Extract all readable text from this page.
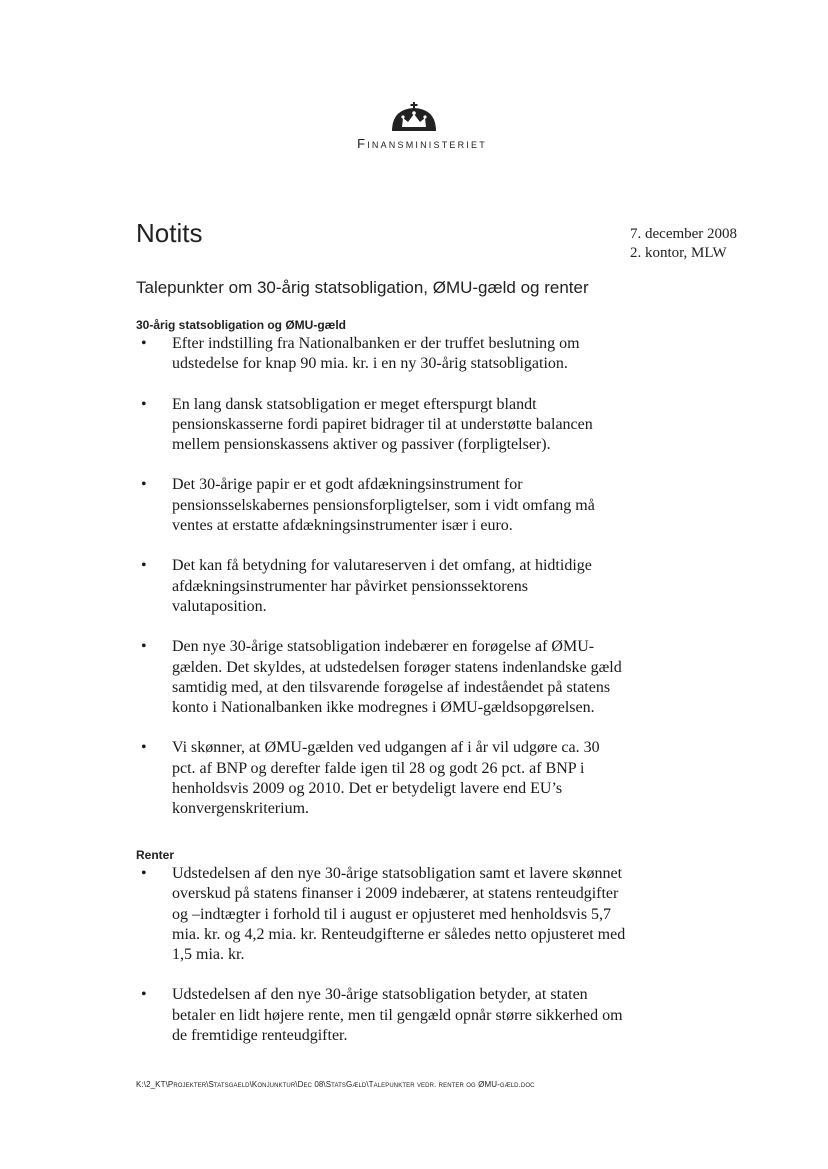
Finansministeriet
Notits	7. december 2008
2. kontor, MLW
Talepunkter om 30-årig statsobligation, ØMU-gæld og renter
30-årig statsobligation og ØMU-gæld
• Efter indstilling fra Nationalbanken er der truffet beslutning om udstedelse for knap 90 mia. kr. i en ny 30-årig statsobligation.
• En lang dansk statsobligation er meget efterspurgt blandt pensionskasserne fordi papiret bidrager til at understøtte balancen mellem pensionskassens aktiver og passiver (forpligtelser).
• Det 30-årige papir er et godt afdækningsinstrument for pensionsselskabernes pensionsforpligtelser, som i vidt omfang må ventes at erstatte afdækningsinstrumenter især i euro.
• Det kan få betydning for valutareserven i det omfang, at hidtidige afdækningsinstrumenter har påvirket pensionssektorens valutaposition.
• Den nye 30-årige statsobligation indebærer en forøgelse af ØMU-gælden. Det skyldes, at udstedelsen forøger statens indenlandske gæld samtidig med, at den tilsvarende forøgelse af indeståendet på statens konto i Nationalbanken ikke modregnes i ØMU-gældsopgørelsen.
• Vi skønner, at ØMU-gælden ved udgangen af i år vil udgøre ca. 30 pct. af BNP og derefter falde igen til 28 og godt 26 pct. af BNP i henholdsvis 2009 og 2010. Det er betydeligt lavere end EU’s konvergenskriterium.
Renter
• Udstedelsen af den nye 30-årige statsobligation samt et lavere skønnet overskud på statens finanser i 2009 indebærer, at statens renteudgifter og –indtægter i forhold til i august er opjusteret med henholdsvis 5,7 mia. kr. og 4,2 mia. kr. Renteudgifterne er således netto opjusteret med 1,5 mia. kr.
• Udstedelsen af den nye 30-årige statsobligation betyder, at staten betaler en lidt højere rente, men til gengæld opnår større sikkerhed om de fremtidige renteudgifter.
K:\2_KT\Projekter\Statsgaeld\Konjunktur\Dec 08\StatsGæld\Talepunkter vedr. renter og ØMU-gæld.doc
